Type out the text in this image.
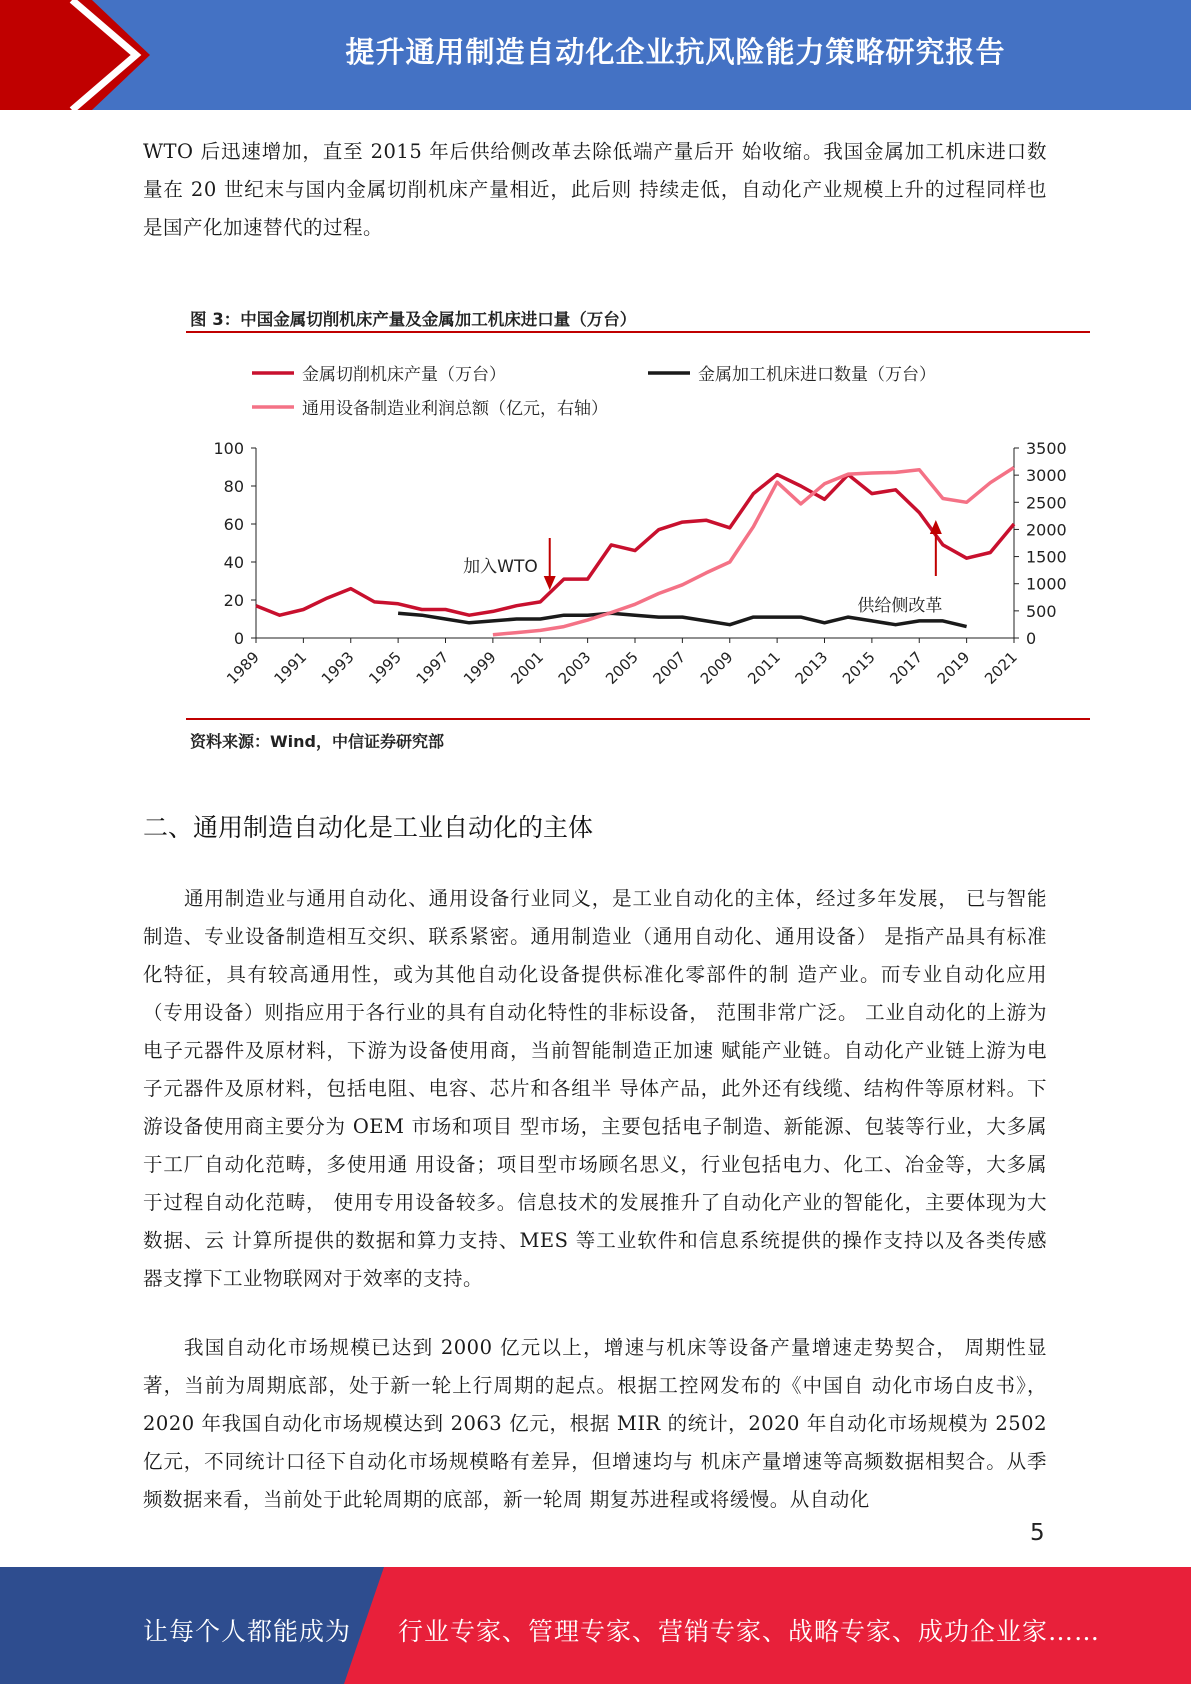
提升通用制造自动化企业抗风险能力策略研究报告

WTO 后迅速增加，直至 2015 年后供给侧改革去除低端产量后开 始收缩。我国金属加工机床进口数量在 20 世纪末与国内金属切削机床产量相近，此后则 持续走低，自动化产业规模上升的过程同样也是国产化加速替代的过程。

图 3：中国金属切削机床产量及金属加工机床进口量（万台）
金属切削机床产量（万台）	金属加工机床进口数量（万台）
通用设备制造业利润总额（亿元，右轴）
0
20
40
60
80
100
0
500
1000
1500
2000
2500
3000
3500
1989 1991 1993 1995 1997 1999 2001 2003 2005 2007 2009 2011 2013 2015 2017 2019 2021
加入WTO
供给侧改革
资料来源：Wind，中信证券研究部
二、通用制造自动化是工业自动化的主体

通用制造业与通用自动化、通用设备行业同义，是工业自动化的主体，经过多年发展， 已与智能制造、专业设备制造相互交织、联系紧密。通用制造业（通用自动化、通用设备） 是指产品具有标准化特征，具有较高通用性，或为其他自动化设备提供标准化零部件的制 造产业。而专业自动化应用（专用设备）则指应用于各行业的具有自动化特性的非标设备， 范围非常广泛。 工业自动化的上游为电子元器件及原材料，下游为设备使用商，当前智能制造正加速 赋能产业链。自动化产业链上游为电子元器件及原材料，包括电阻、电容、芯片和各组半 导体产品，此外还有线缆、结构件等原材料。下游设备使用商主要分为 OEM 市场和项目 型市场，主要包括电子制造、新能源、包装等行业，大多属于工厂自动化范畴，多使用通 用设备；项目型市场顾名思义，行业包括电力、化工、冶金等，大多属于过程自动化范畴， 使用专用设备较多。信息技术的发展推升了自动化产业的智能化，主要体现为大数据、云 计算所提供的数据和算力支持、MES 等工业软件和信息系统提供的操作支持以及各类传感 器支撑下工业物联网对于效率的支持。

我国自动化市场规模已达到 2000 亿元以上，增速与机床等设备产量增速走势契合， 周期性显著，当前为周期底部，处于新一轮上行周期的起点。根据工控网发布的《中国自 动化市场白皮书》，2020 年我国自动化市场规模达到 2063 亿元，根据 MIR 的统计，2020 年自动化市场规模为 2502 亿元，不同统计口径下自动化市场规模略有差异，但增速均与 机床产量增速等高频数据相契合。从季频数据来看，当前处于此轮周期的底部，新一轮周 期复苏进程或将缓慢。从自动化

5
让每个人都能成为 行业专家、管理专家、营销专家、战略专家、成功企业家……
